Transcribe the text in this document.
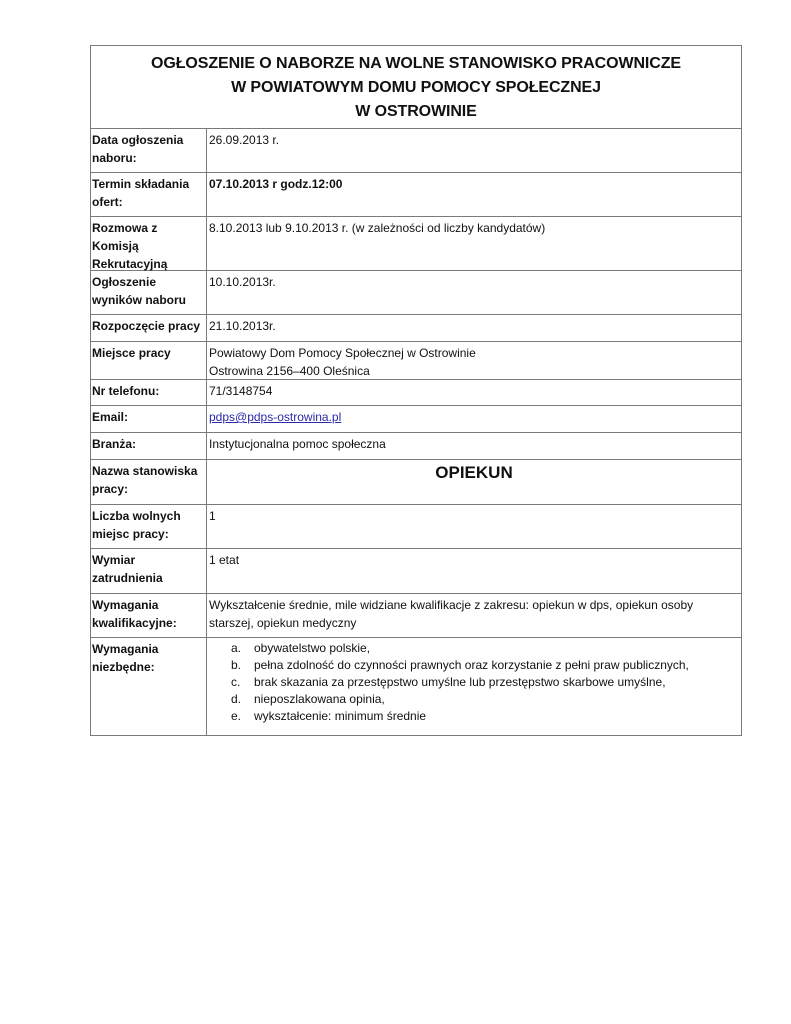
OGŁOSZENIE O NABORZE NA WOLNE STANOWISKO PRACOWNICZE
W POWIATOWYM DOMU POMOCY SPOŁECZNEJ
W OSTROWINIE
Data ogłoszenia naboru:
26.09.2013 r.
Termin składania ofert:
07.10.2013 r godz.12:00
Rozmowa z Komisją Rekrutacyjną
8.10.2013 lub 9.10.2013 r. (w zależności od liczby kandydatów)
Ogłoszenie wyników naboru
10.10.2013r.
Rozpoczęcie pracy 21.10.2013r.
Miejsce pracy	Powiatowy Dom Pomocy Społecznej w Ostrowinie
Ostrowina 2156–400 Oleśnica
Nr telefonu:	71/3148754
Email:	pdps@pdps-ostrowina.pl
Branża:	Instytucjonalna pomoc społeczna
Nazwa stanowiska pracy:
OPIEKUN
Liczba wolnych miejsc pracy:
1
Wymiar zatrudnienia
1 etat
Wymagania kwalifikacyjne:
Wykształcenie średnie, mile widziane kwalifikacje z zakresu: opiekun w dps, opiekun osoby starszej, opiekun medyczny
Wymagania niezbędne:
a.	obywatelstwo polskie,
b.	pełna zdolność do czynności prawnych oraz korzystanie z pełni praw publicznych,
c.	brak skazania za przestępstwo umyślne lub przestępstwo skarbowe umyślne,
d.	nieposzlakowana opinia,
e.	wykształcenie: minimum średnie
